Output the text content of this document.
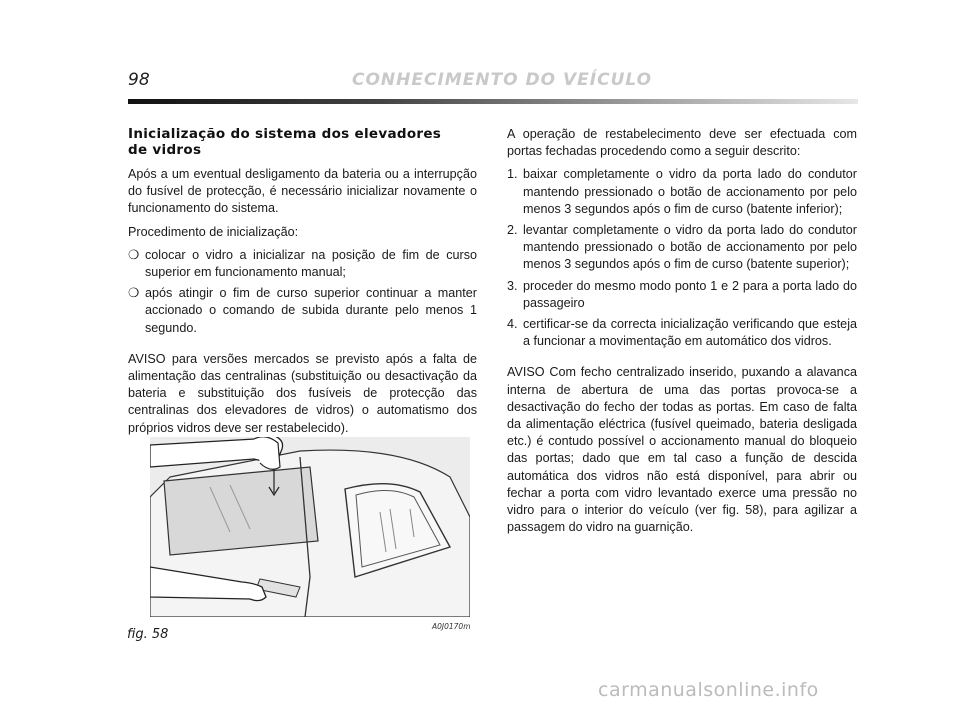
98	CONHECIMENTO DO VEÍCULO
Inicialização do sistema dos elevadores
de vidros

Após a um eventual desligamento da bateria ou a interrupção do fusível de protecção, é necessário inicializar novamente o funcionamento do sistema.

Procedimento de inicialização:

❍ colocar o vidro a inicializar na posição de fim de curso superior em funcionamento manual;
❍ após atingir o fim de curso superior continuar a manter accionado o comando de subida durante pelo menos 1 segundo.

AVISO para versões mercados se previsto após a falta de alimentação das centralinas (substituição ou desactivação da bateria e substituição dos fusíveis de protecção das centralinas dos elevadores de vidros) o automatismo dos próprios vidros deve ser restabelecido).

fig. 58
A0J0170m

A operação de restabelecimento deve ser efectuada com portas fechadas procedendo como a seguir descrito:

1. baixar completamente o vidro da porta lado do condutor mantendo pressionado o botão de accionamento por pelo menos 3 segundos após o fim de curso (batente inferior);
2. levantar completamente o vidro da porta lado do condutor mantendo pressionado o botão de accionamento por pelo menos 3 segundos após o fim de curso (batente superior);
3. proceder do mesmo modo ponto 1 e 2 para a porta lado do passageiro
4. certificar-se da correcta inicialização verificando que esteja a funcionar a movimentação em automático dos vidros.

AVISO Com fecho centralizado inserido, puxando a alavanca interna de abertura de uma das portas provoca-se a desactivação do fecho der todas as portas. Em caso de falta da alimentação eléctrica (fusível queimado, bateria desligada etc.) é contudo possível o accionamento manual do bloqueio das portas; dado que em tal caso a função de descida automática dos vidros não está disponível, para abrir ou fechar a porta com vidro levantado exerce uma pressão no vidro para o interior do veículo (ver fig. 58), para agilizar a passagem do vidro na guarnição.

carmanualsonline.info
